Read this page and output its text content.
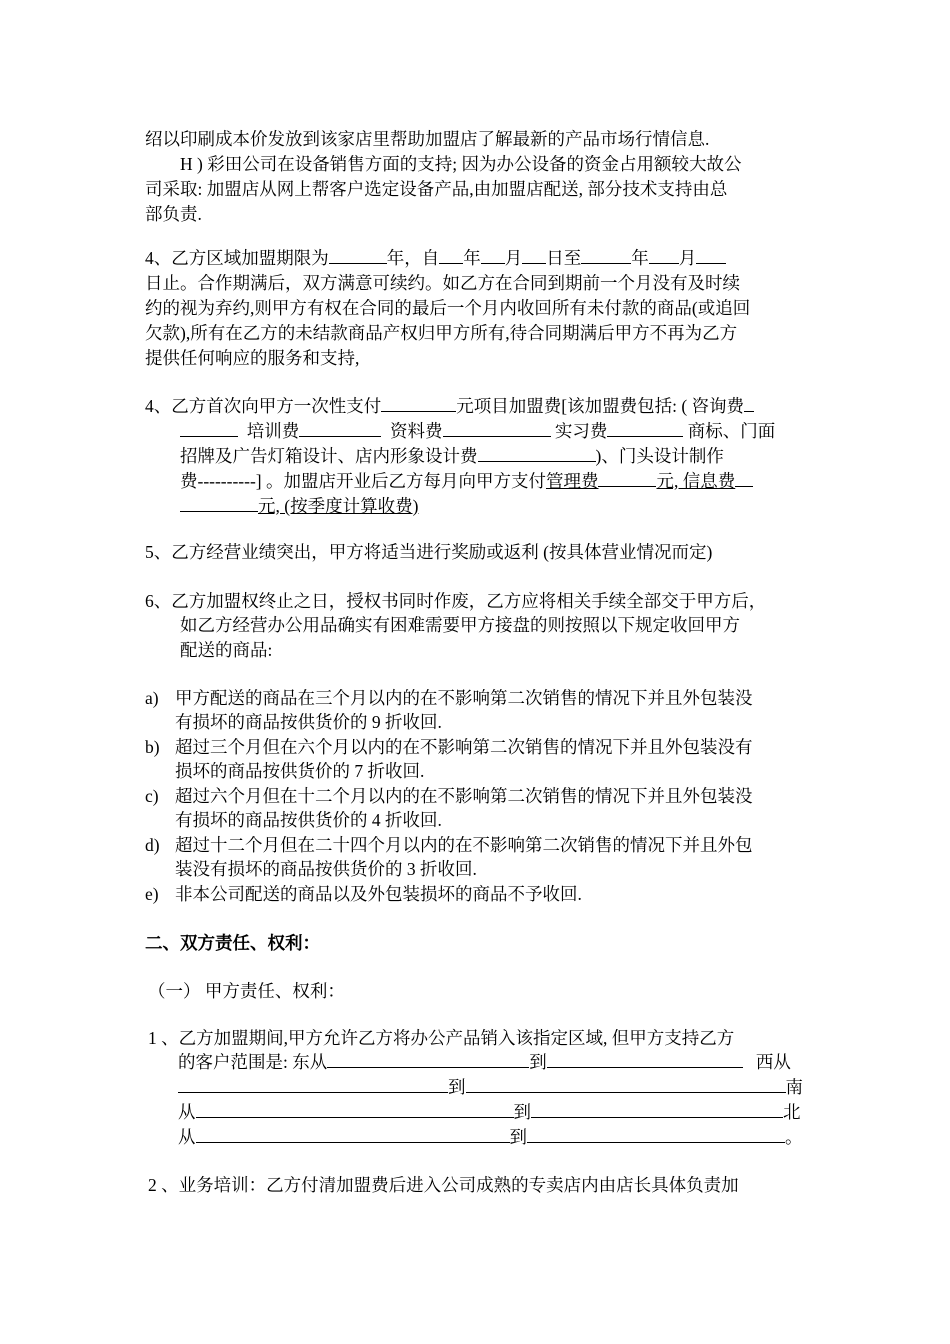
绍以印刷成本价发放到该家店里帮助加盟店了解最新的产品市场行情信息.
H ) 彩田公司在设备销售方面的支持; 因为办公设备的资金占用额较大故公
司采取: 加盟店从网上帮客户选定设备产品,由加盟店配送, 部分技术支持由总
部负责.
4、乙方区域加盟期限为	年，自 年 月 日至	年 月
日止。合作期满后，双方满意可续约。如乙方在合同到期前一个月没有及时续
约的视为弃约,则甲方有权在合同的最后一个月内收回所有未付款的商品(或追回
欠款),所有在乙方的未结款商品产权归甲方所有,待合同期满后甲方不再为乙方
提供任何响应的服务和支持,
4、乙方首次向甲方一次性支付	元项目加盟费[该加盟费包括: ( 咨询费
培训费	资料费	实习费	商标、门面
招牌及广告灯箱设计、店内形象设计费	)、门头设计制作
费----------] 。加盟店开业后乙方每月向甲方支付管理费	元, 信息费
元, (按季度计算收费)
5、乙方经营业绩突出，甲方将适当进行奖励或返利 (按具体营业情况而定)
6、乙方加盟权终止之日，授权书同时作废，乙方应将相关手续全部交于甲方后，
如乙方经营办公用品确实有困难需要甲方接盘的则按照以下规定收回甲方
配送的商品:
a) 甲方配送的商品在三个月以内的在不影响第二次销售的情况下并且外包装没
有损坏的商品按供货价的 9 折收回.
b) 超过三个月但在六个月以内的在不影响第二次销售的情况下并且外包装没有
损坏的商品按供货价的 7 折收回.
c) 超过六个月但在十二个月以内的在不影响第二次销售的情况下并且外包装没
有损坏的商品按供货价的 4 折收回.
d) 超过十二个月但在二十四个月以内的在不影响第二次销售的情况下并且外包
装没有损坏的商品按供货价的 3 折收回.
e) 非本公司配送的商品以及外包装损坏的商品不予收回.
二、双方责任、权利：
（一） 甲方责任、权利：
1 、乙方加盟期间,甲方允许乙方将办公产品销入该指定区域, 但甲方支持乙方
的客户范围是: 东从	到	西从
到	南
从	到	北
从	到	。
2 、业务培训：乙方付清加盟费后进入公司成熟的专卖店内由店长具体负责加
